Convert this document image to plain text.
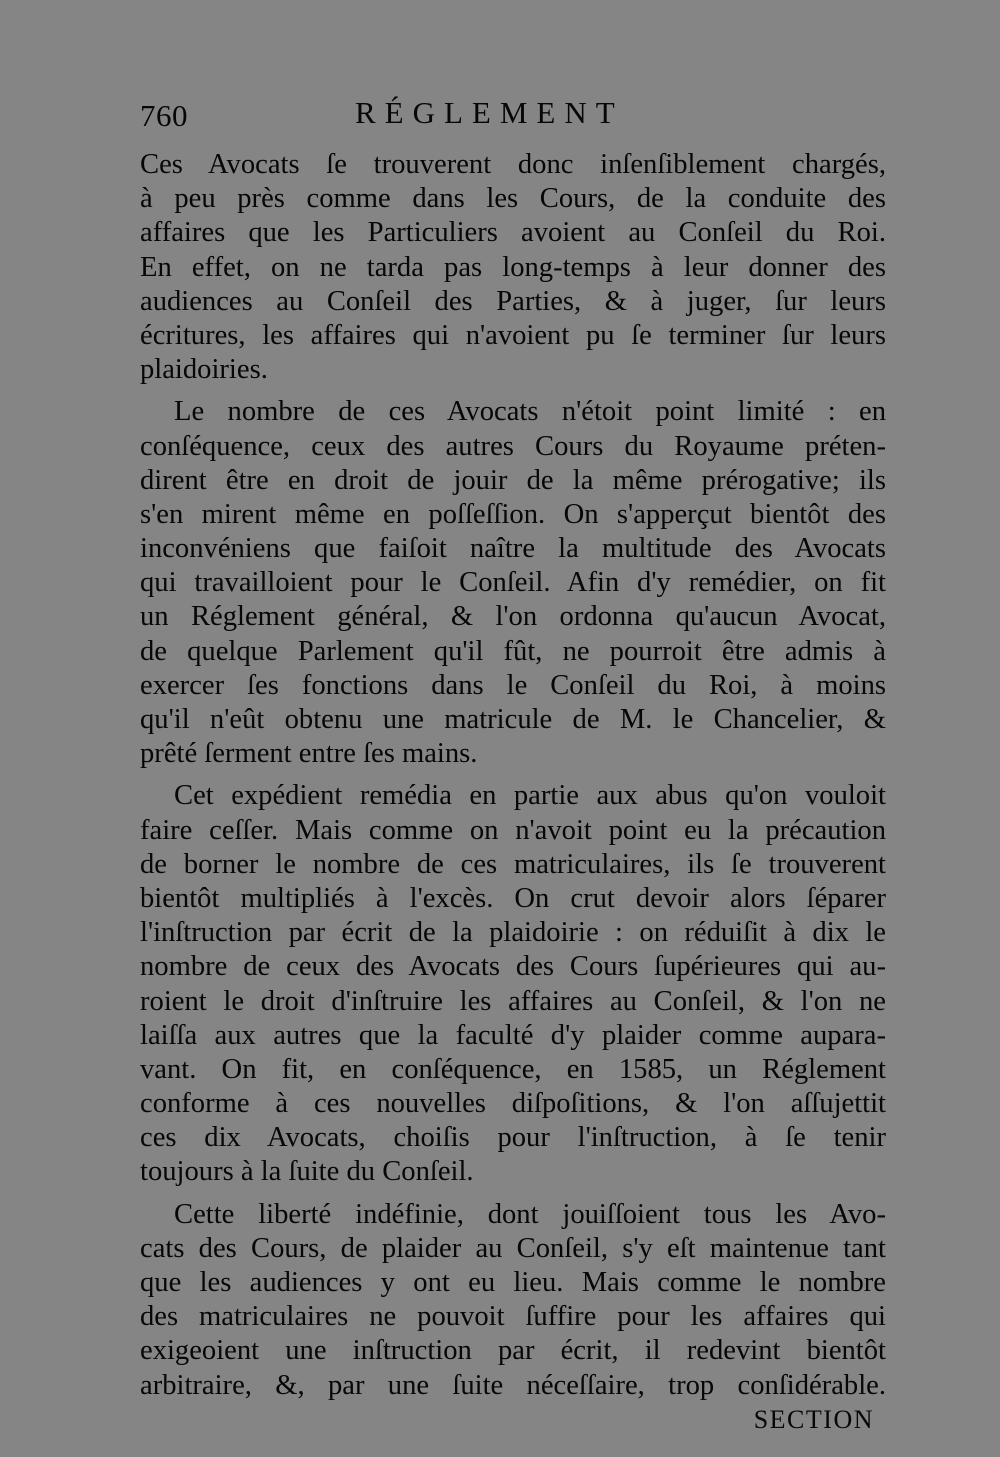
760	RÉGLEMENT
Ces Avocats ſe trouverent donc inſenſiblement chargés,
à peu près comme dans les Cours, de la conduite des
affaires que les Particuliers avoient au Conſeil du Roi.
En effet, on ne tarda pas long-temps à leur donner des
audiences au Conſeil des Parties, & à juger, ſur leurs
écritures, les affaires qui n'avoient pu ſe terminer ſur leurs
plaidoiries.
Le nombre de ces Avocats n'étoit point limité : en
conſéquence, ceux des autres Cours du Royaume préten-
dirent être en droit de jouir de la même prérogative; ils
s'en mirent même en poſſeſſion. On s'apperçut bientôt des
inconvéniens que faiſoit naître la multitude des Avocats
qui travailloient pour le Conſeil. Afin d'y remédier, on fit
un Réglement général, & l'on ordonna qu'aucun Avocat,
de quelque Parlement qu'il fût, ne pourroit être admis à
exercer ſes fonctions dans le Conſeil du Roi, à moins
qu'il n'eût obtenu une matricule de M. le Chancelier, &
prêté ſerment entre ſes mains.
Cet expédient remédia en partie aux abus qu'on vouloit
faire ceſſer. Mais comme on n'avoit point eu la précaution
de borner le nombre de ces matriculaires, ils ſe trouverent
bientôt multipliés à l'excès. On crut devoir alors ſéparer
l'inſtruction par écrit de la plaidoirie : on réduiſit à dix le
nombre de ceux des Avocats des Cours ſupérieures qui au-
roient le droit d'inſtruire les affaires au Conſeil, & l'on ne
laiſſa aux autres que la faculté d'y plaider comme aupara-
vant. On fit, en conſéquence, en 1585, un Réglement
conforme à ces nouvelles diſpoſitions, & l'on aſſujettit
ces dix Avocats, choiſis pour l'inſtruction, à ſe tenir
toujours à la ſuite du Conſeil.
Cette liberté indéfinie, dont jouiſſoient tous les Avo-
cats des Cours, de plaider au Conſeil, s'y eſt maintenue tant
que les audiences y ont eu lieu. Mais comme le nombre
des matriculaires ne pouvoit ſuffire pour les affaires qui
exigeoient une inſtruction par écrit, il redevint bientôt
arbitraire, &, par une ſuite néceſſaire, trop conſidérable.
SECTION
